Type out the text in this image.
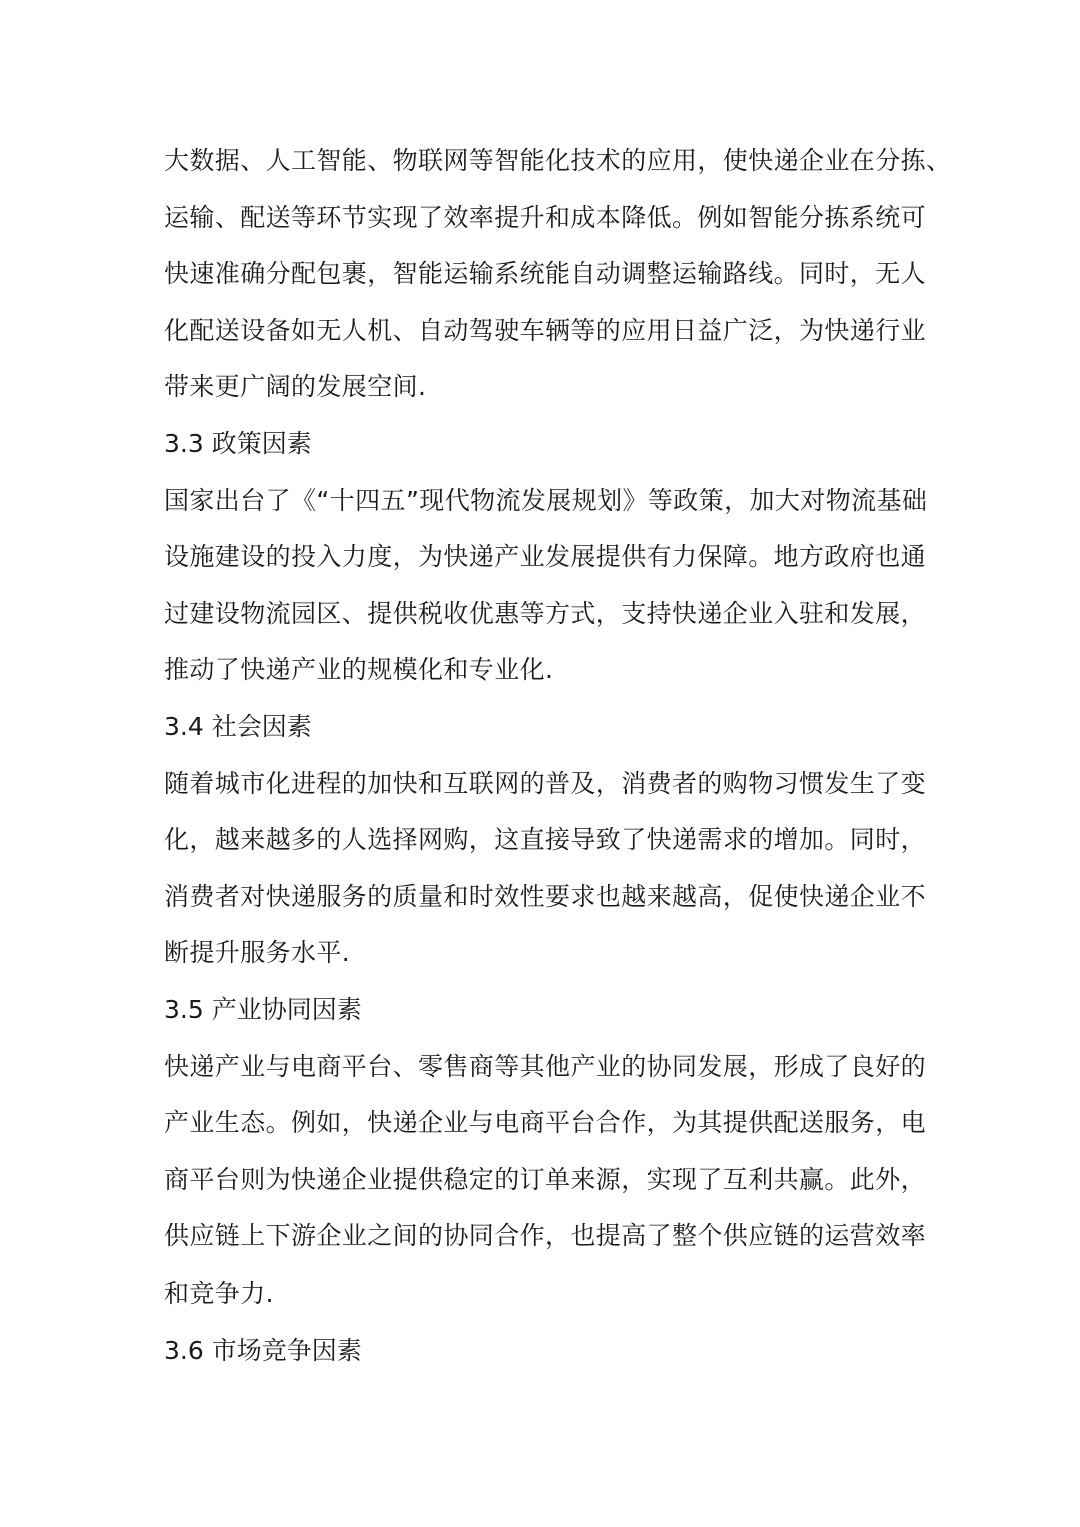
大数据、人工智能、物联网等智能化技术的应用，使快递企业在分拣、
运输、配送等环节实现了效率提升和成本降低。例如智能分拣系统可
快速准确分配包裹，智能运输系统能自动调整运输路线。同时，无人
化配送设备如无人机、自动驾驶车辆等的应用日益广泛，为快递行业
带来更广阔的发展空间.
3.3 政策因素
国家出台了《“十四五”现代物流发展规划》等政策，加大对物流基础
设施建设的投入力度，为快递产业发展提供有力保障。地方政府也通
过建设物流园区、提供税收优惠等方式，支持快递企业入驻和发展，
推动了快递产业的规模化和专业化.
3.4 社会因素
随着城市化进程的加快和互联网的普及，消费者的购物习惯发生了变
化，越来越多的人选择网购，这直接导致了快递需求的增加。同时，
消费者对快递服务的质量和时效性要求也越来越高，促使快递企业不
断提升服务水平.
3.5 产业协同因素
快递产业与电商平台、零售商等其他产业的协同发展，形成了良好的
产业生态。例如，快递企业与电商平台合作，为其提供配送服务，电
商平台则为快递企业提供稳定的订单来源，实现了互利共赢。此外，
供应链上下游企业之间的协同合作，也提高了整个供应链的运营效率
和竞争力.
3.6 市场竞争因素
